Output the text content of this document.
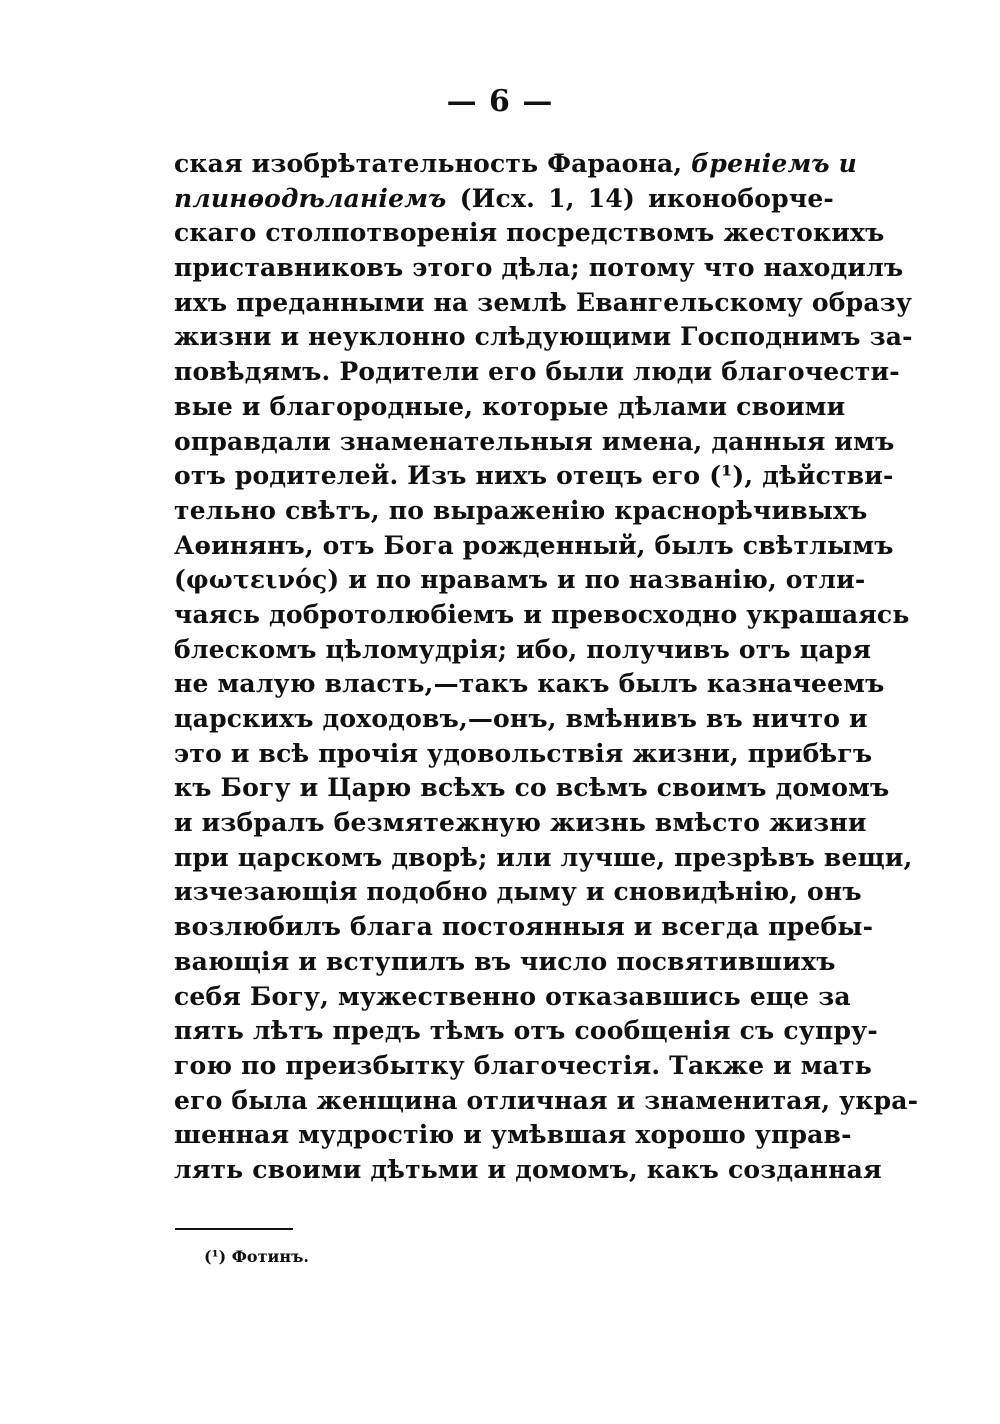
— 6 —
ская изобрѣтательность Фараона, бреніемъ и
плинѳодѣланіемъ (Исх. 1, 14) иконоборче-
скаго столпотворенія посредствомъ жестокихъ
приставниковъ этого дѣла; потому что находилъ
ихъ преданными на землѣ Евангельскому образу
жизни и неуклонно слѣдующими Господнимъ за-
повѣдямъ. Родители его были люди благочести-
вые и благородные, которые дѣлами своими
оправдали знаменательныя имена, данныя имъ
отъ родителей. Изъ нихъ отецъ его (¹), дѣйстви-
тельно свѣтъ, по выраженію краснорѣчивыхъ
Аѳинянъ, отъ Бога рожденный, былъ свѣтлымъ
(φωτεινός) и по нравамъ и по названію, отли-
чаясь добротолюбіемъ и превосходно украшаясь
блескомъ цѣломудрія; ибо, получивъ отъ царя
не малую власть,—такъ какъ былъ казначеемъ
царскихъ доходовъ,—онъ, вмѣнивъ въ ничто и
это и всѣ прочія удовольствія жизни, прибѣгъ
къ Богу и Царю всѣхъ со всѣмъ своимъ домомъ
и избралъ безмятежную жизнь вмѣсто жизни
при царскомъ дворѣ; или лучше, презрѣвъ вещи,
изчезающія подобно дыму и сновидѣнію, онъ
возлюбилъ блага постоянныя и всегда пребы-
вающія и вступилъ въ число посвятившихъ
себя Богу, мужественно отказавшись еще за
пять лѣтъ предъ тѣмъ отъ сообщенія съ супру-
гою по преизбытку благочестія. Также и мать
его была женщина отличная и знаменитая, укра-
шенная мудростію и умѣвшая хорошо управ-
лять своими дѣтьми и домомъ, какъ созданная
(¹) Фотинъ.
